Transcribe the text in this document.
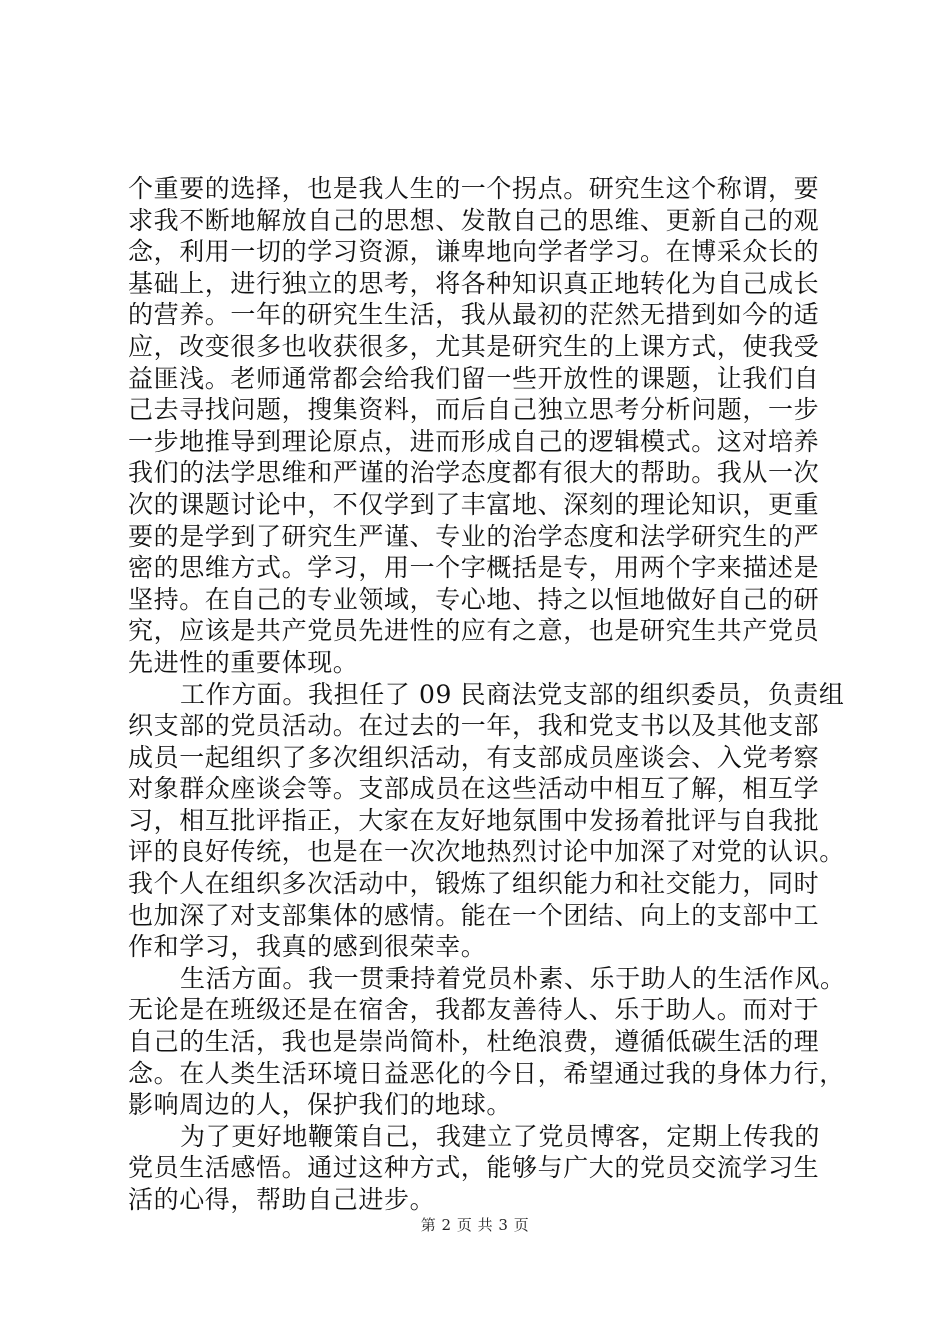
个重要的选择，也是我人生的一个拐点。研究生这个称谓，要
求我不断地解放自己的思想、发散自己的思维、更新自己的观
念，利用一切的学习资源，谦卑地向学者学习。在博采众长的
基础上，进行独立的思考，将各种知识真正地转化为自己成长
的营养。一年的研究生生活，我从最初的茫然无措到如今的适
应，改变很多也收获很多，尤其是研究生的上课方式，使我受
益匪浅。老师通常都会给我们留一些开放性的课题，让我们自
己去寻找问题，搜集资料，而后自己独立思考分析问题，一步
一步地推导到理论原点，进而形成自己的逻辑模式。这对培养
我们的法学思维和严谨的治学态度都有很大的帮助。我从一次
次的课题讨论中，不仅学到了丰富地、深刻的理论知识，更重
要的是学到了研究生严谨、专业的治学态度和法学研究生的严
密的思维方式。学习，用一个字概括是专，用两个字来描述是
坚持。在自己的专业领域，专心地、持之以恒地做好自己的研
究，应该是共产党员先进性的应有之意，也是研究生共产党员
先进性的重要体现。
工作方面。我担任了 09 民商法党支部的组织委员，负责组
织支部的党员活动。在过去的一年，我和党支书以及其他支部
成员一起组织了多次组织活动，有支部成员座谈会、入党考察
对象群众座谈会等。支部成员在这些活动中相互了解，相互学
习，相互批评指正，大家在友好地氛围中发扬着批评与自我批
评的良好传统，也是在一次次地热烈讨论中加深了对党的认识。
我个人在组织多次活动中，锻炼了组织能力和社交能力，同时
也加深了对支部集体的感情。能在一个团结、向上的支部中工
作和学习，我真的感到很荣幸。
生活方面。我一贯秉持着党员朴素、乐于助人的生活作风。
无论是在班级还是在宿舍，我都友善待人、乐于助人。而对于
自己的生活，我也是崇尚简朴，杜绝浪费，遵循低碳生活的理
念。在人类生活环境日益恶化的今日，希望通过我的身体力行，
影响周边的人，保护我们的地球。
为了更好地鞭策自己，我建立了党员博客，定期上传我的
党员生活感悟。通过这种方式，能够与广大的党员交流学习生
活的心得，帮助自己进步。
第 2 页 共 3 页
